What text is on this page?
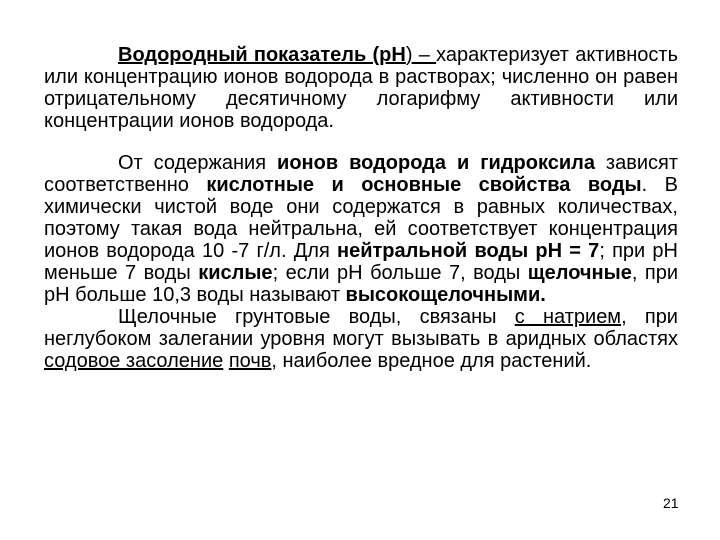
Водородный показатель (рН) – характеризует активность или концентрацию ионов водорода в растворах; численно он равен отрицательному десятичному логарифму активности или концентрации ионов водорода.

От содержания ионов водорода и гидроксила зависят соответственно кислотные и основные свойства воды. В химически чистой воде они содержатся в равных количествах, поэтому такая вода нейтральна, ей соответствует концентрация ионов водорода 10 -7 г/л. Для нейтральной воды рН = 7; при рН меньше 7 воды кислые; если рН больше 7, воды щелочные, при рН больше 10,3 воды называют высокощелочными.

Щелочные грунтовые воды, связаны с натрием, при неглубоком залегании уровня могут вызывать в аридных областях содовое засоление почв, наиболее вредное для растений.

21
